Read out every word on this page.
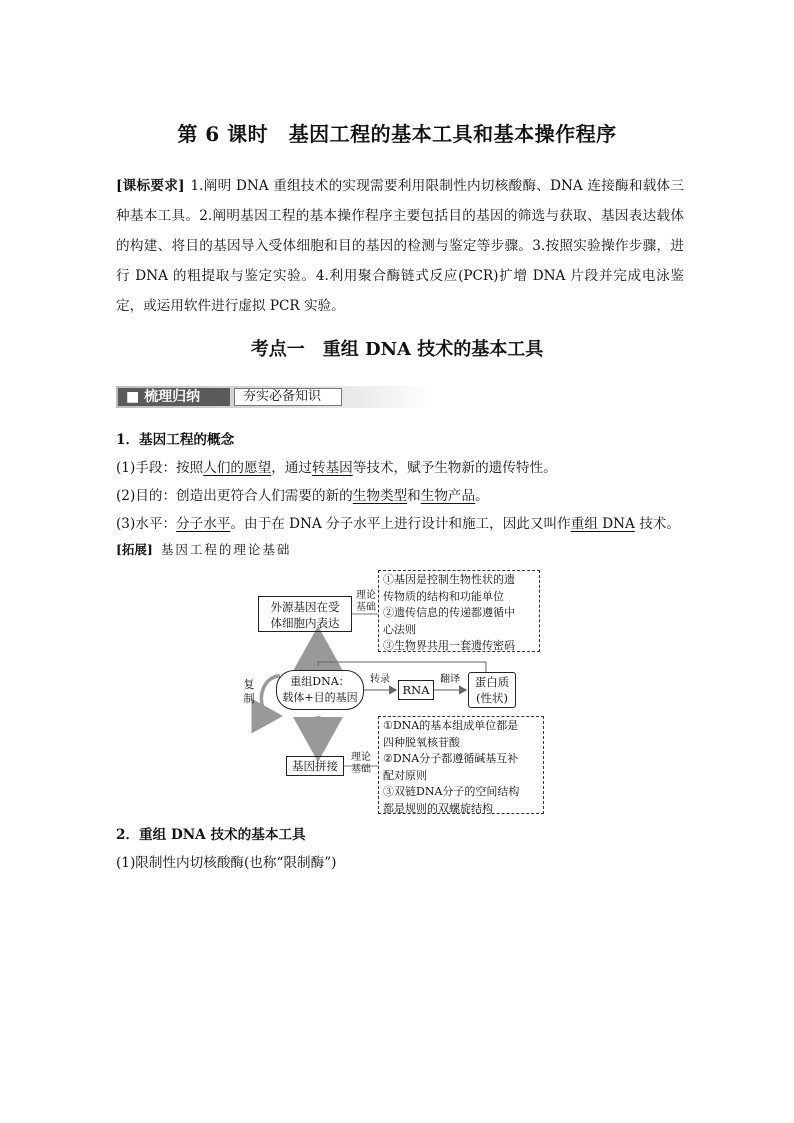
第 6 课时　基因工程的基本工具和基本操作程序
[课标要求] 1.阐明 DNA 重组技术的实现需要利用限制性内切核酸酶、DNA 连接酶和载体三种基本工具。2.阐明基因工程的基本操作程序主要包括目的基因的筛选与获取、基因表达载体的构建、将目的基因导入受体细胞和目的基因的检测与鉴定等步骤。3.按照实验操作步骤，进行 DNA 的粗提取与鉴定实验。4.利用聚合酶链式反应(PCR)扩增 DNA 片段并完成电泳鉴定，或运用软件进行虚拟 PCR 实验。
考点一　重组 DNA 技术的基本工具
■ 梳理归纳	夯实必备知识
1．基因工程的概念
(1)手段：按照人们的愿望，通过转基因等技术，赋予生物新的遗传特性。
(2)目的：创造出更符合人们需要的新的生物类型和生物产品。
(3)水平：分子水平。由于在 DNA 分子水平上进行设计和施工，因此又叫作重组 DNA 技术。
[拓展] 基因工程的理论基础
外源基因在受
体细胞内表达
理论
基础
①基因是控制生物性状的遗
传物质的结构和功能单位
②遗传信息的传递都遵循中
心法则
③生物界共用一套遗传密码
复
制
重组DNA：
载体+目的基因
转录
RNA
翻译	蛋白质
(性状)
基因拼接
理论
基础
①DNA的基本组成单位都是
四种脱氧核苷酸
②DNA分子都遵循碱基互补
配对原则
③双链DNA分子的空间结构
都是规则的双螺旋结构
2．重组 DNA 技术的基本工具
(1)限制性内切核酸酶(也称“限制酶”)
